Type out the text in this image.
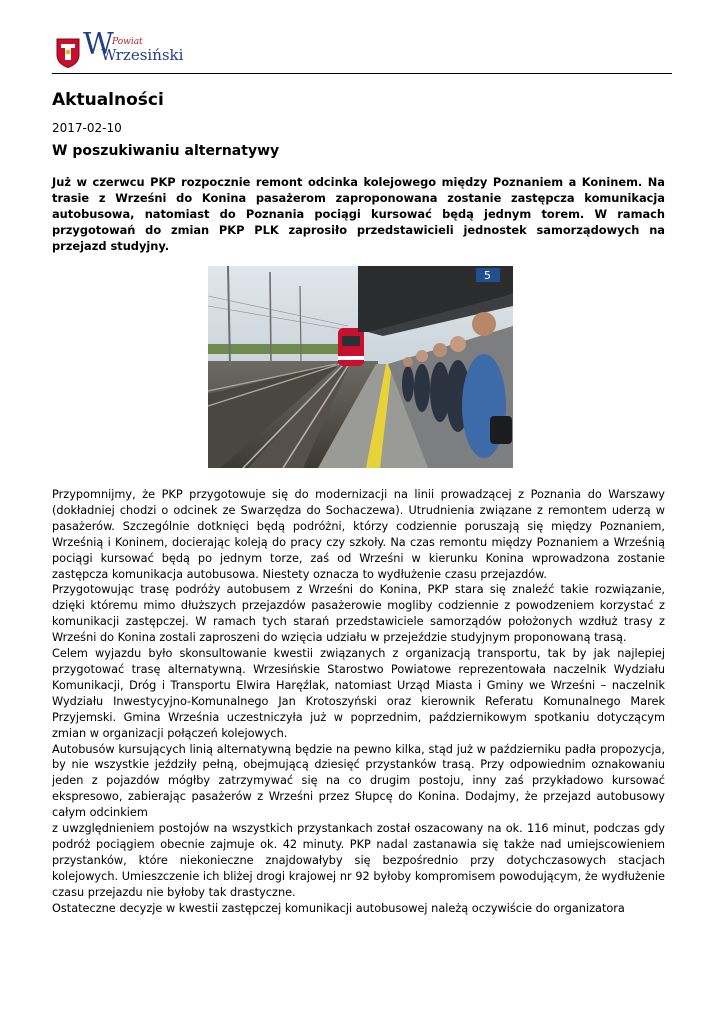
W
Powiat
Wrzesiński
Aktualności
2017-02-10
W poszukiwaniu alternatywy

Już w czerwcu PKP rozpocznie remont odcinka kolejowego między Poznaniem a Koninem. Na trasie z Wrześni do Konina pasażerom zaproponowana zostanie zastępcza komunikacja autobusowa, natomiast do Poznania pociągi kursować będą jednym torem. W ramach przygotowań do zmian PKP PLK zaprosiło przedstawicieli jednostek samorządowych na przejazd studyjny.

5

Przypomnijmy, że PKP przygotowuje się do modernizacji na linii prowadzącej z Poznania do Warszawy (dokładniej chodzi o odcinek ze Swarzędza do Sochaczewa). Utrudnienia związane z remontem uderzą w pasażerów. Szczególnie dotknięci będą podróżni, którzy codziennie poruszają się między Poznaniem, Wrześnią i Koninem, docierając koleją do pracy czy szkoły. Na czas remontu między Poznaniem a Wrześnią pociągi kursować będą po jednym torze, zaś od Wrześni w kierunku Konina wprowadzona zostanie zastępcza komunikacja autobusowa. Niestety oznacza to wydłużenie czasu przejazdów.

Przygotowując trasę podróży autobusem z Wrześni do Konina, PKP stara się znaleźć takie rozwiązanie, dzięki któremu mimo dłuższych przejazdów pasażerowie mogliby codziennie z powodzeniem korzystać z komunikacji zastępczej. W ramach tych starań przedstawiciele samorządów położonych wzdłuż trasy z Wrześni do Konina zostali zaproszeni do wzięcia udziału w przejeździe studyjnym proponowaną trasą.

Celem wyjazdu było skonsultowanie kwestii związanych z organizacją transportu, tak by jak najlepiej przygotować trasę alternatywną. Wrzesińskie Starostwo Powiatowe reprezentowała naczelnik Wydziału Komunikacji, Dróg i Transportu Elwira Haręźlak, natomiast Urząd Miasta i Gminy we Wrześni – naczelnik Wydziału Inwestycyjno-Komunalnego Jan Krotoszyński oraz kierownik Referatu Komunalnego Marek Przyjemski. Gmina Września uczestniczyła już w poprzednim, październikowym spotkaniu dotyczącym zmian w organizacji połączeń kolejowych.

Autobusów kursujących linią alternatywną będzie na pewno kilka, stąd już w październiku padła propozycja, by nie wszystkie jeździły pełną, obejmującą dziesięć przystanków trasą. Przy odpowiednim oznakowaniu jeden z pojazdów mógłby zatrzymywać się na co drugim postoju, inny zaś przykładowo kursować ekspresowo, zabierając pasażerów z Wrześni przez Słupcę do Konina. Dodajmy, że przejazd autobusowy całym odcinkiem

z uwzględnieniem postojów na wszystkich przystankach został oszacowany na ok. 116 minut, podczas gdy podróż pociągiem obecnie zajmuje ok. 42 minuty. PKP nadal zastanawia się także nad umiejscowieniem przystanków, które niekonieczne znajdowałyby się bezpośrednio przy dotychczasowych stacjach kolejowych. Umieszczenie ich bliżej drogi krajowej nr 92 byłoby kompromisem powodującym, że wydłużenie czasu przejazdu nie byłoby tak drastyczne.

Ostateczne decyzje w kwestii zastępczej komunikacji autobusowej należą oczywiście do organizatora
